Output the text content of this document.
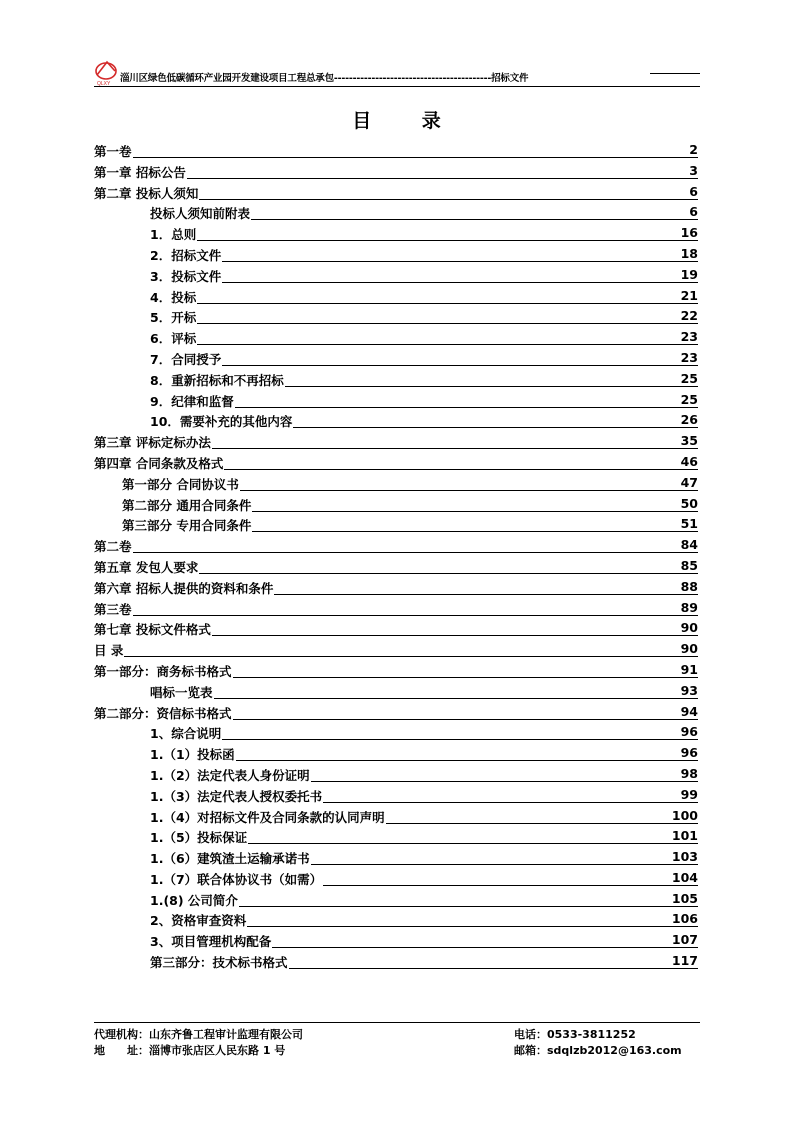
QLXY 淄川区绿色低碳循环产业园开发建设项目工程总承包------------------------------------------招标文件
目 录
第一卷	2
第一章 招标公告	3
第二章 投标人须知	6
投标人须知前附表	6
1．总则	16
2．招标文件	18
3．投标文件	19
4．投标	21
5．开标	22
6．评标	23
7．合同授予	23
8．重新招标和不再招标	25
9．纪律和监督	25
10．需要补充的其他内容	26
第三章 评标定标办法	35
第四章 合同条款及格式	46
第一部分 合同协议书	47
第二部分 通用合同条件	50
第三部分 专用合同条件	51
第二卷	84
第五章 发包人要求	85
第六章 招标人提供的资料和条件	88
第三卷	89
第七章 投标文件格式	90
目 录	90
第一部分：商务标书格式	91
唱标一览表	93
第二部分：资信标书格式	94
1、综合说明	96
1.（1）投标函	96
1.（2）法定代表人身份证明	98
1.（3）法定代表人授权委托书	99
1.（4）对招标文件及合同条款的认同声明	100
1.（5）投标保证	101
1.（6）建筑渣土运输承诺书	103
1.（7）联合体协议书（如需）	104
1.(8) 公司简介	105
2、资格审查资料	106
3、项目管理机构配备	107
第三部分：技术标书格式	117
代理机构：山东齐鲁工程审计监理有限公司
地　　址：淄博市张店区人民东路 1 号
电话：0533-3811252
邮箱：sdqlzb2012@163.com
